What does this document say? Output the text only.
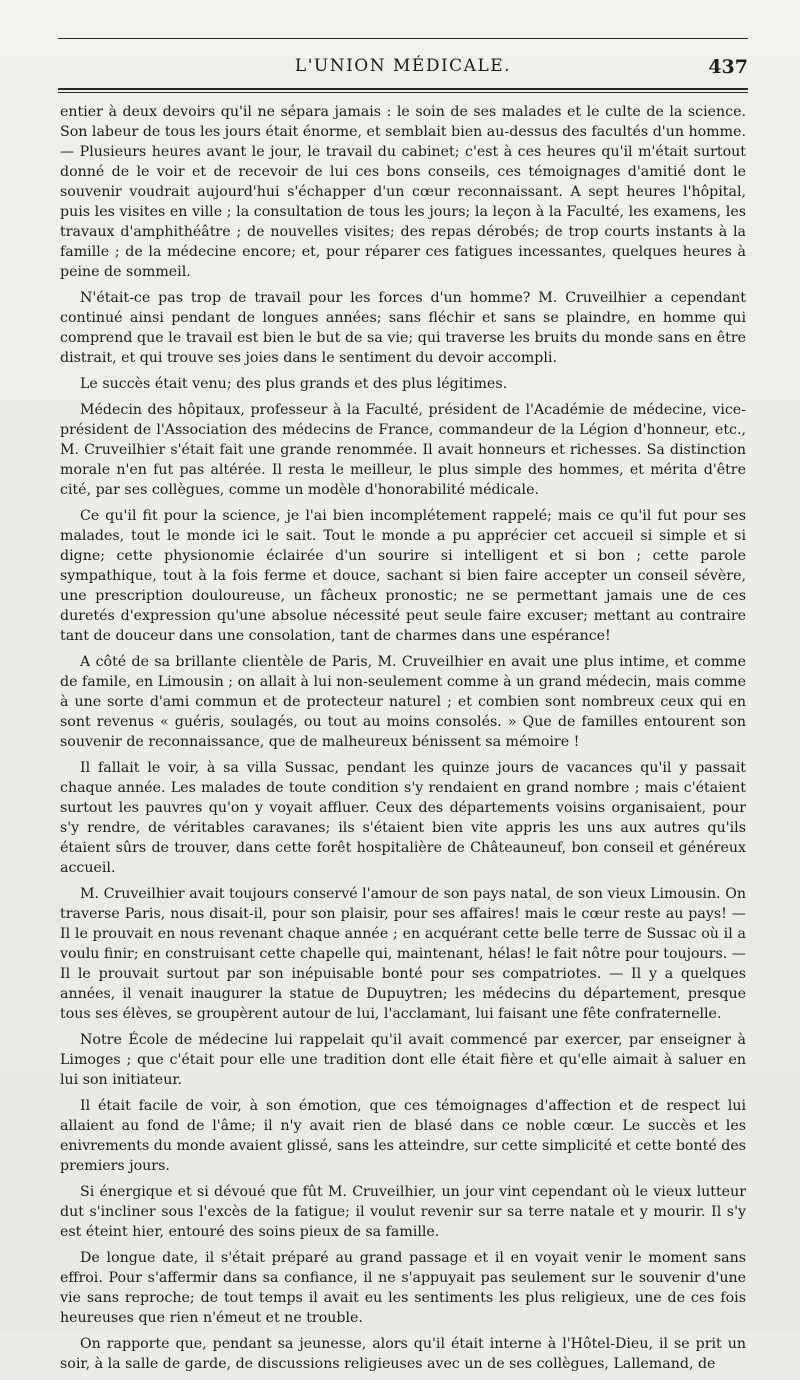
L'UNION MÉDICALE.	437

entier à deux devoirs qu'il ne sépara jamais : le soin de ses malades et le culte de la science. Son labeur de tous les jours était énorme, et semblait bien au-dessus des facultés d'un homme. — Plusieurs heures avant le jour, le travail du cabinet; c'est à ces heures qu'il m'était surtout donné de le voir et de recevoir de lui ces bons conseils, ces témoignages d'amitié dont le souvenir voudrait aujourd'hui s'échapper d'un cœur reconnaissant. A sept heures l'hôpital, puis les visites en ville ; la consultation de tous les jours; la leçon à la Faculté, les examens, les travaux d'amphithéâtre ; de nouvelles visites; des repas dérobés; de trop courts instants à la famille ; de la médecine encore; et, pour réparer ces fatigues incessantes, quelques heures à peine de sommeil.

N'était-ce pas trop de travail pour les forces d'un homme? M. Cruveilhier a cependant continué ainsi pendant de longues années; sans fléchir et sans se plaindre, en homme qui comprend que le travail est bien le but de sa vie; qui traverse les bruits du monde sans en être distrait, et qui trouve ses joies dans le sentiment du devoir accompli.

Le succès était venu; des plus grands et des plus légitimes.

Médecin des hôpitaux, professeur à la Faculté, président de l'Académie de médecine, vice-président de l'Association des médecins de France, commandeur de la Légion d'honneur, etc., M. Cruveilhier s'était fait une grande renommée. Il avait honneurs et richesses. Sa distinction morale n'en fut pas altérée. Il resta le meilleur, le plus simple des hommes, et mérita d'être cité, par ses collègues, comme un modèle d'honorabilité médicale.

Ce qu'il fit pour la science, je l'ai bien incomplétement rappelé; mais ce qu'il fut pour ses malades, tout le monde ici le sait. Tout le monde a pu apprécier cet accueil si simple et si digne; cette physionomie éclairée d'un sourire si intelligent et si bon ; cette parole sympathique, tout à la fois ferme et douce, sachant si bien faire accepter un conseil sévère, une prescription douloureuse, un fâcheux pronostic; ne se permettant jamais une de ces duretés d'expression qu'une absolue nécessité peut seule faire excuser; mettant au contraire tant de douceur dans une consolation, tant de charmes dans une espérance!

A côté de sa brillante clientèle de Paris, M. Cruveilhier en avait une plus intime, et comme de famile, en Limousin ; on allait à lui non-seulement comme à un grand médecin, mais comme à une sorte d'ami commun et de protecteur naturel ; et combien sont nombreux ceux qui en sont revenus « guéris, soulagés, ou tout au moins consolés. » Que de familles entourent son souvenir de reconnaissance, que de malheureux bénissent sa mémoire !

Il fallait le voir, à sa villa Sussac, pendant les quinze jours de vacances qu'il y passait chaque année. Les malades de toute condition s'y rendaient en grand nombre ; mais c'étaient surtout les pauvres qu'on y voyait affluer. Ceux des départements voisins organisaient, pour s'y rendre, de véritables caravanes; ils s'étaient bien vite appris les uns aux autres qu'ils étaient sûrs de trouver, dans cette forêt hospitalière de Châteauneuf, bon conseil et généreux accueil.

M. Cruveilhier avait toujours conservé l'amour de son pays natal, de son vieux Limousin. On traverse Paris, nous disait-il, pour son plaisir, pour ses affaires! mais le cœur reste au pays! — Il le prouvait en nous revenant chaque année ; en acquérant cette belle terre de Sussac où il a voulu finir; en construisant cette chapelle qui, maintenant, hélas! le fait nôtre pour toujours. — Il le prouvait surtout par son inépuisable bonté pour ses compatriotes. — Il y a quelques années, il venait inaugurer la statue de Dupuytren; les médecins du département, presque tous ses élèves, se groupèrent autour de lui, l'acclamant, lui faisant une fête confraternelle.

Notre École de médecine lui rappelait qu'il avait commencé par exercer, par enseigner à Limoges ; que c'était pour elle une tradition dont elle était fière et qu'elle aimait à saluer en lui son initiateur.

Il était facile de voir, à son émotion, que ces témoignages d'affection et de respect lui allaient au fond de l'âme; il n'y avait rien de blasé dans ce noble cœur. Le succès et les enivrements du monde avaient glissé, sans les atteindre, sur cette simplicité et cette bonté des premiers jours.

Si énergique et si dévoué que fût M. Cruveilhier, un jour vint cependant où le vieux lutteur dut s'incliner sous l'excès de la fatigue; il voulut revenir sur sa terre natale et y mourir. Il s'y est éteint hier, entouré des soins pieux de sa famille.

De longue date, il s'était préparé au grand passage et il en voyait venir le moment sans effroi. Pour s'affermir dans sa confiance, il ne s'appuyait pas seulement sur le souvenir d'une vie sans reproche; de tout temps il avait eu les sentiments les plus religieux, une de ces fois heureuses que rien n'émeut et ne trouble.

On rapporte que, pendant sa jeunesse, alors qu'il était interne à l'Hôtel-Dieu, il se prit un soir, à la salle de garde, de discussions religieuses avec un de ses collègues, Lallemand, de
